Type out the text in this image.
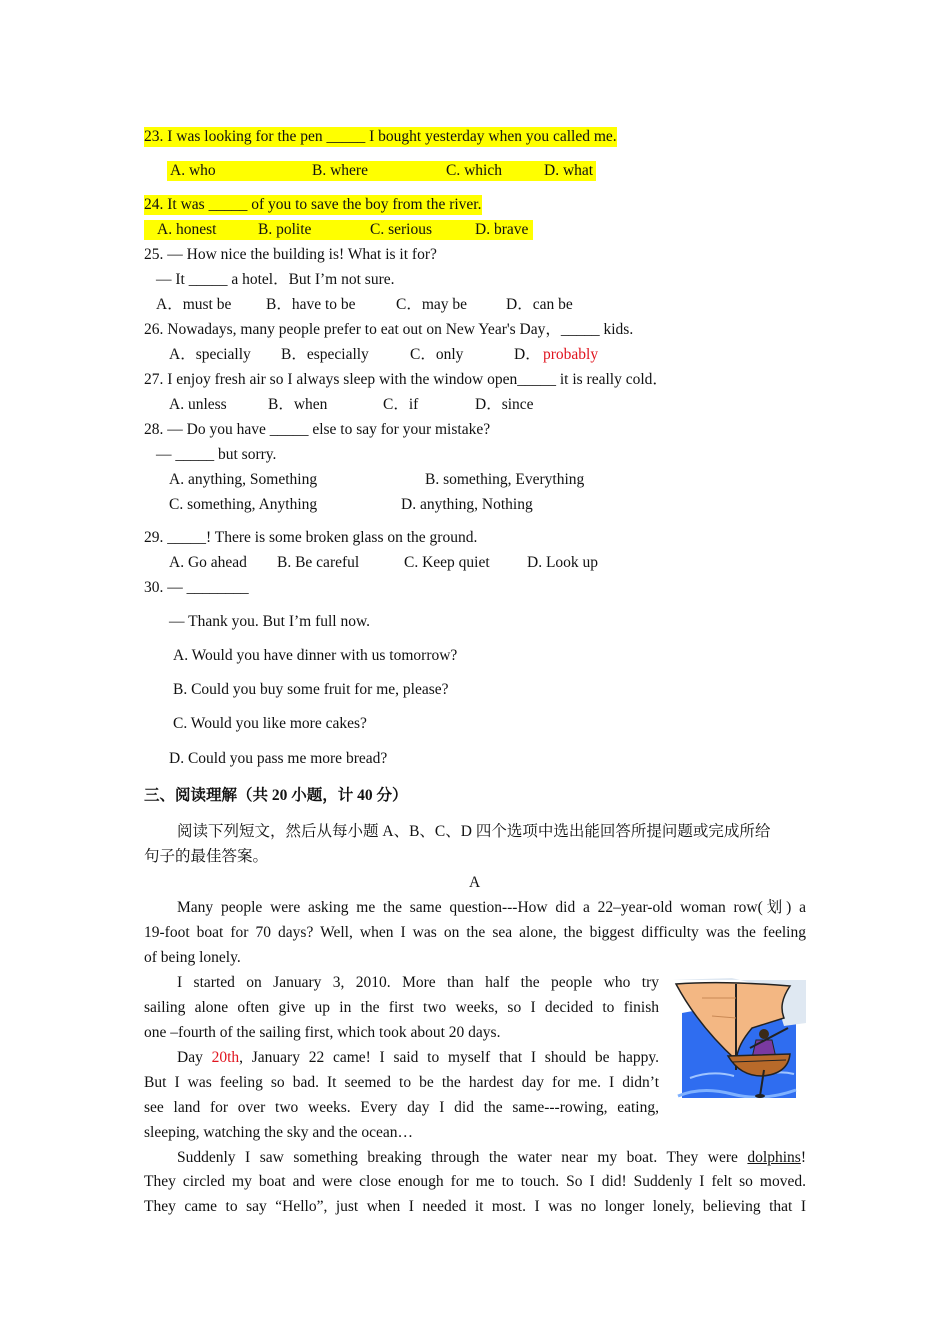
23. I was looking for the pen _____ I bought yesterday when you called me.
A. who	B. where	C. which	D. what
24. It was _____ of you to save the boy from the river.
A. honest	B. polite	C. serious	D. brave
25. — How nice the building is! What is it for?
— It _____ a hotel．But I’m not sure.
A．must be B．have to be	C．may be	D．can be
26. Nowadays, many people prefer to eat out on New Year's Day，_____ kids.
A．specially B．especially	C．only	D． probably
27. I enjoy fresh air so I always sleep with the window open_____ it is really cold．
A. unless	B．when	C．if	D．since
28. — Do you have _____ else to say for your mistake?
— _____ but sorry.
A. anything, Something	B. something, Everything
C. something, Anything	D. anything, Nothing
29. _____! There is some broken glass on the ground.
A. Go ahead B. Be careful	C. Keep quiet D. Look up
30. — ________
— Thank you. But I’m full now.
A. Would you have dinner with us tomorrow?
B. Could you buy some fruit for me, please?
C. Would you like more cakes?
D. Could you pass me more bread?
三、阅读理解（共 20 小题，计 40 分）
阅读下列短文，然后从每小题 A、B、C、D 四个选项中选出能回答所提问题或完成所给
句子的最佳答案。
A
Many people were asking me the same question---How did a 22–year-old woman row(划) a
19-foot boat for 70 days? Well, when I was on the sea alone, the biggest difficulty was the feeling
of being lonely.
I started on January 3, 2010. More than half the people who try
sailing alone often give up in the first two weeks, so I decided to finish
one –fourth of the sailing first, which took about 20 days.
Day 20th, January 22 came! I said to myself that I should be happy.
But I was feeling so bad. It seemed to be the hardest day for me. I didn’t
see land for over two weeks. Every day I did the same---rowing, eating,
sleeping, watching the sky and the ocean…
Suddenly I saw something breaking through the water near my boat. They were dolphins!
They circled my boat and were close enough for me to touch. So I did! Suddenly I felt so moved.
They came to say “Hello”, just when I needed it most. I was no longer lonely, believing that I
